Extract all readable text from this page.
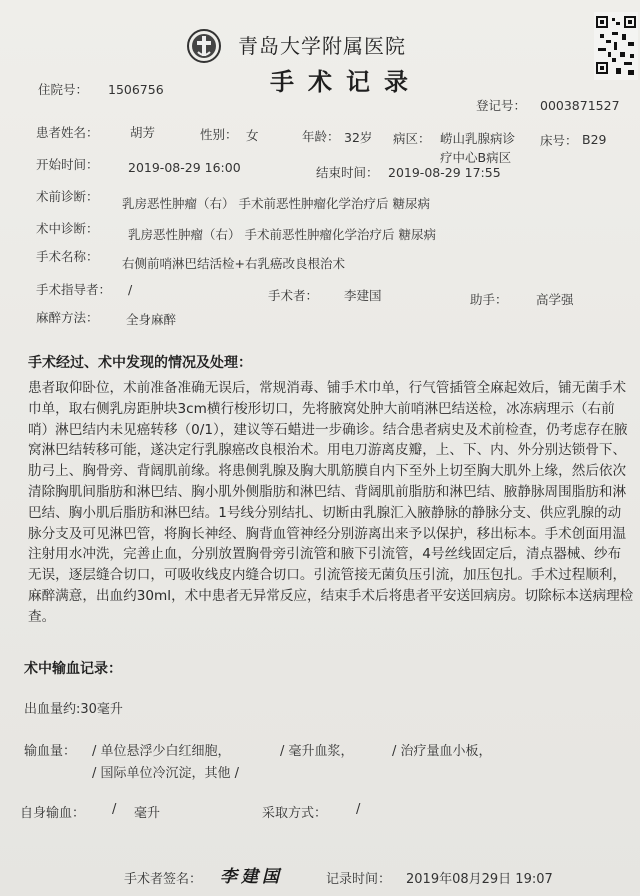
青岛大学附属医院
手术记录
住院号： 1506756
登记号： 0003871527
患者姓名：	胡芳	性别： 女	年龄： 32岁 病区： 崂山乳腺病诊
疗中心B病区
床号： B29
开始时间： 2019-08-29 16:00	结束时间： 2019-08-29 17:55
术前诊断： 乳房恶性肿瘤（右） 手术前恶性肿瘤化学治疗后 糖尿病
术中诊断： 乳房恶性肿瘤（右） 手术前恶性肿瘤化学治疗后 糖尿病
手术名称： 右侧前哨淋巴结活检+右乳癌改良根治术
手术指导者： /	手术者： 李建国	助手： 高学强
麻醉方法： 全身麻醉
手术经过、术中发现的情况及处理：
患者取仰卧位，术前准备准确无误后，常规消毒、铺手术巾单，行气管插管全麻起效后，铺无菌手术巾单，取右侧乳房距肿块3cm横行梭形切口，先将腋窝处肿大前哨淋巴结送检，冰冻病理示（右前哨）淋巴结内未见癌转移（0/1），建议等石蜡进一步确诊。结合患者病史及术前检查，仍考虑存在腋窝淋巴结转移可能，遂决定行乳腺癌改良根治术。用电刀游离皮瓣，上、下、内、外分别达锁骨下、肋弓上、胸骨旁、背阔肌前缘。将患侧乳腺及胸大肌筋膜自内下至外上切至胸大肌外上缘，然后依次清除胸肌间脂肪和淋巴结、胸小肌外侧脂肪和淋巴结、背阔肌前脂肪和淋巴结、腋静脉周围脂肪和淋巴结、胸小肌后脂肪和淋巴结。1号线分别结扎、切断由乳腺汇入腋静脉的静脉分支、供应乳腺的动脉分支及可见淋巴管，将胸长神经、胸背血管神经分别游离出来予以保护，移出标本。手术创面用温注射用水冲洗，完善止血，分别放置胸骨旁引流管和腋下引流管，4号丝线固定后，清点器械、纱布无误，逐层缝合切口，可吸收线皮内缝合切口。引流管接无菌负压引流，加压包扎。手术过程顺利，麻醉满意，出血约30ml，术中患者无异常反应，结束手术后将患者平安送回病房。切除标本送病理检查。
术中输血记录：
出血量约:30毫升
输血量： / 单位悬浮少白红细胞，	/ 毫升血浆，	/ 治疗量血小板，
/ 国际单位冷沉淀，其他 /
自身输血： / 毫升	采取方式： /
手术者签名： 李建国	记录时间： 2019年08月29日 19:07
